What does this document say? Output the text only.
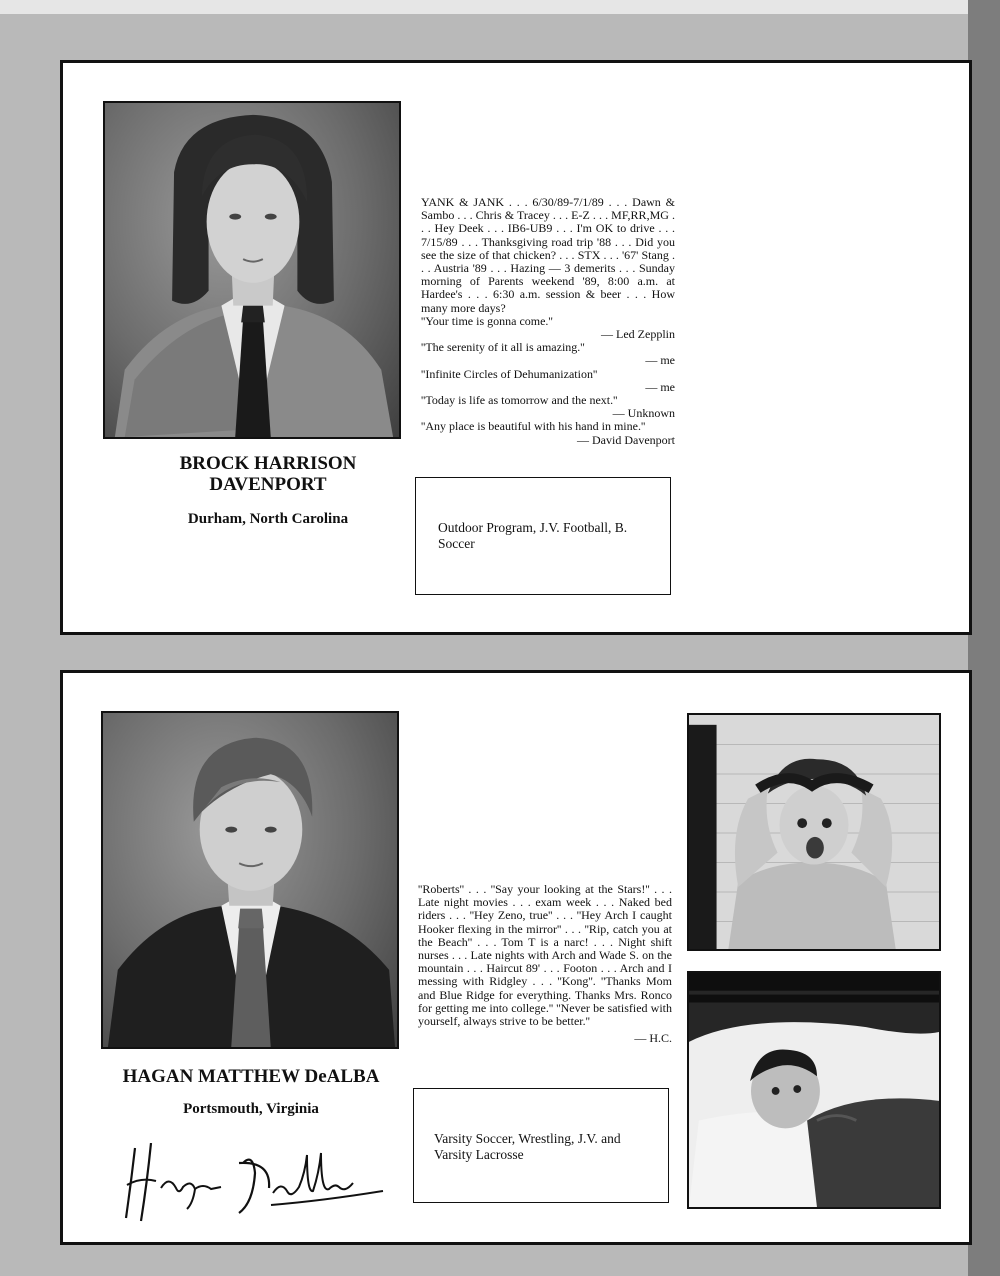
BROCK HARRISON
DAVENPORT
Durham, North Carolina

YANK & JANK . . . 6/30/89-7/1/89 . . . Dawn & Sambo . . . Chris & Tracey . . . E-Z . . . MF,RR,MG . . . Hey Deek . . . IB6-UB9 . . . I'm OK to drive . . . 7/15/89 . . . Thanksgiving road trip '88 . . . Did you see the size of that chicken? . . . STX . . . '67' Stang . . . Austria '89 . . . Hazing — 3 demerits . . . Sunday morning of Parents weekend '89, 8:00 a.m. at Hardee's . . . 6:30 a.m. session & beer . . . How many more days?

''Your time is gonna come.''

— Led Zepplin

''The serenity of it all is amazing.''

— me

''Infinite Circles of Dehumanization''

— me

''Today is life as tomorrow and the next.''

— Unknown

''Any place is beautiful with his hand in mine.''

— David Davenport

Outdoor Program, J.V. Football, B.
Soccer
HAGAN MATTHEW DeALBA
Portsmouth, Virginia

''Roberts'' . . . ''Say your looking at the Stars!'' . . . Late night movies . . . exam week . . . Naked bed riders . . . ''Hey Zeno, true'' . . . ''Hey Arch I caught Hooker flexing in the mirror'' . . . ''Rip, catch you at the Beach'' . . . Tom T is a narc! . . . Night shift nurses . . . Late nights with Arch and Wade S. on the mountain . . . Haircut 89' . . . Footon . . . Arch and I messing with Ridgley . . . ''Kong''. ''Thanks Mom and Blue Ridge for everything. Thanks Mrs. Ronco for getting me into college.'' ''Never be satisfied with yourself, always strive to be better.''

— H.C.

Varsity Soccer, Wrestling, J.V. and
Varsity Lacrosse
